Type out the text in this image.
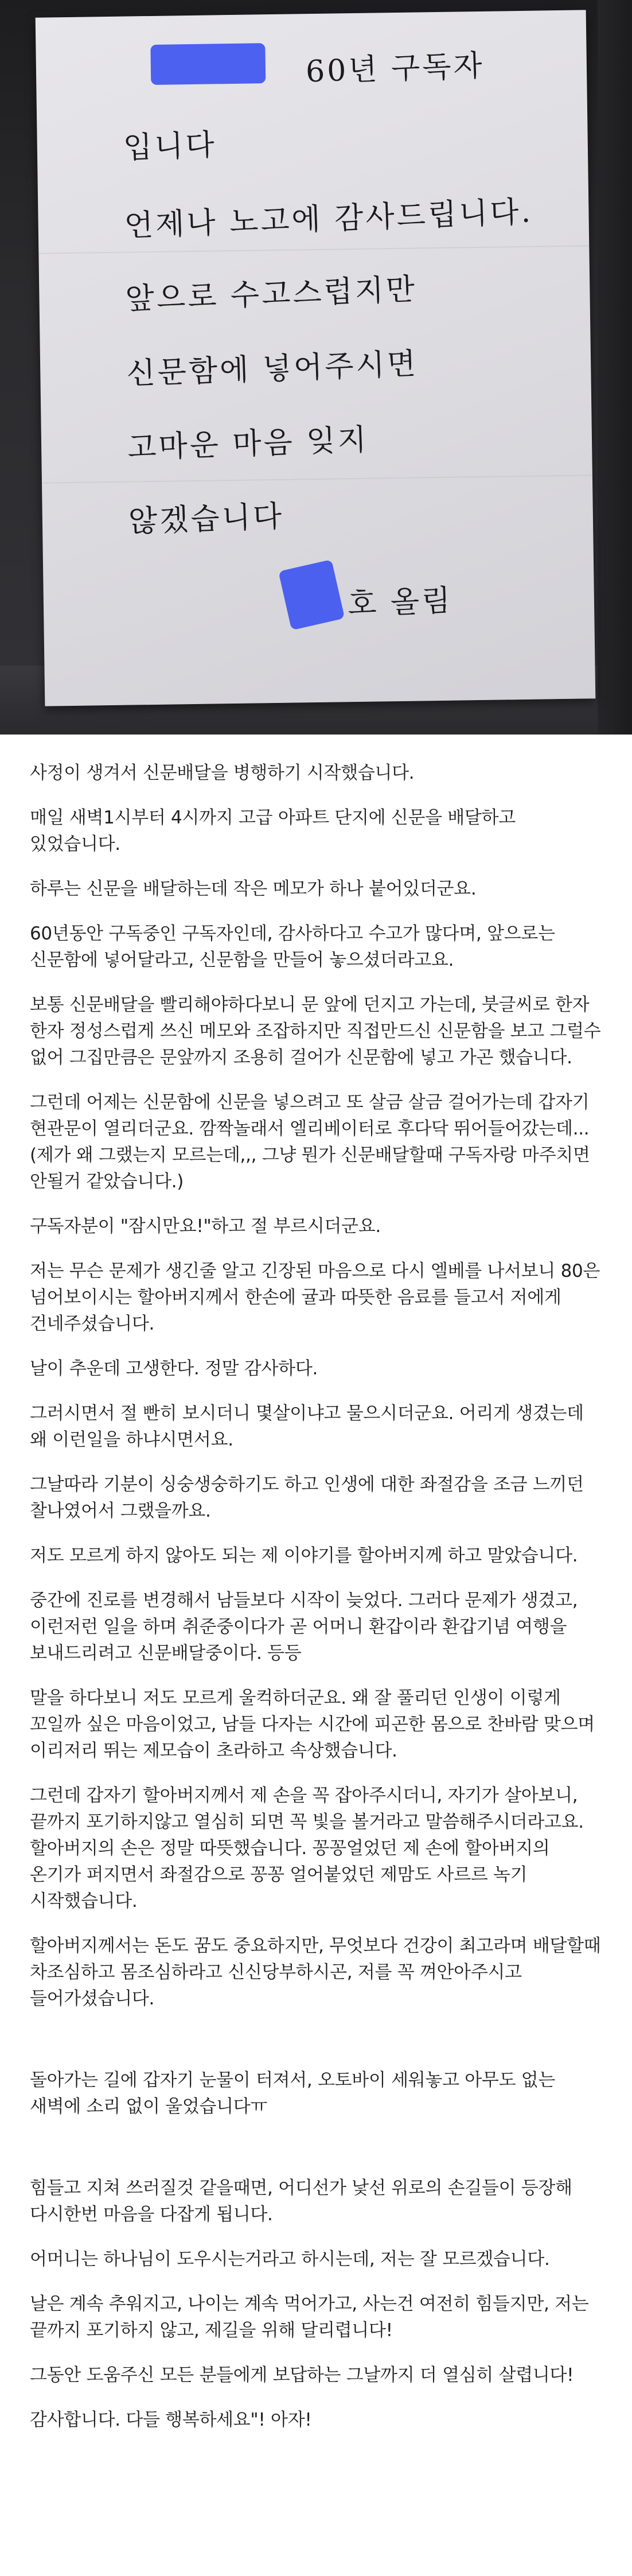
60년 구독자
입니다
언제나 노고에 감사드립니다.
앞으로 수고스럽지만
신문함에 넣어주시면
고마운 마음 잊지
않겠습니다
호 올림

사정이 생겨서 신문배달을 병행하기 시작했습니다.

매일 새벽1시부터 4시까지 고급 아파트 단지에 신문을 배달하고 있었습니다.

하루는 신문을 배달하는데 작은 메모가 하나 붙어있더군요.

60년동안 구독중인 구독자인데, 감사하다고 수고가 많다며, 앞으로는 신문함에 넣어달라고, 신문함을 만들어 놓으셨더라고요.

보통 신문배달을 빨리해야하다보니 문 앞에 던지고 가는데, 붓글씨로 한자 한자 정성스럽게 쓰신 메모와 조잡하지만 직접만드신 신문함을 보고 그럴수 없어 그집만큼은 문앞까지 조용히 걸어가 신문함에 넣고 가곤 했습니다.

그런데 어제는 신문함에 신문을 넣으려고 또 살금 살금 걸어가는데 갑자기 현관문이 열리더군요. 깜짝놀래서 엘리베이터로 후다닥 뛰어들어갔는데...(제가 왜 그랬는지 모르는데,,, 그냥 뭔가 신문배달할때 구독자랑 마주치면 안될거 같았습니다.)

구독자분이 "잠시만요!"하고 절 부르시더군요.

저는 무슨 문제가 생긴줄 알고 긴장된 마음으로 다시 엘베를 나서보니 80은 넘어보이시는 할아버지께서 한손에 귤과 따뜻한 음료를 들고서 저에게 건네주셨습니다.

날이 추운데 고생한다. 정말 감사하다.

그러시면서 절 빤히 보시더니 몇살이냐고 물으시더군요. 어리게 생겼는데 왜 이런일을 하냐시면서요.

그날따라 기분이 싱숭생숭하기도 하고 인생에 대한 좌절감을 조금 느끼던 찰나였어서 그랬을까요.

저도 모르게 하지 않아도 되는 제 이야기를 할아버지께 하고 말았습니다.

중간에 진로를 변경해서 남들보다 시작이 늦었다. 그러다 문제가 생겼고, 이런저런 일을 하며 취준중이다가 곧 어머니 환갑이라 환갑기념 여행을 보내드리려고 신문배달중이다. 등등

말을 하다보니 저도 모르게 울컥하더군요. 왜 잘 풀리던 인생이 이렇게 꼬일까 싶은 마음이었고, 남들 다자는 시간에 피곤한 몸으로 찬바람 맞으며 이리저리 뛰는 제모습이 초라하고 속상했습니다.

그런데 갑자기 할아버지께서 제 손을 꼭 잡아주시더니, 자기가 살아보니, 끝까지 포기하지않고 열심히 되면 꼭 빛을 볼거라고 말씀해주시더라고요. 할아버지의 손은 정말 따뜻했습니다. 꽁꽁얼었던 제 손에 할아버지의 온기가 퍼지면서 좌절감으로 꽁꽁 얼어붙었던 제맘도 사르르 녹기 시작했습니다.

할아버지께서는 돈도 꿈도 중요하지만, 무엇보다 건강이 최고라며 배달할때 차조심하고 몸조심하라고 신신당부하시곤, 저를 꼭 껴안아주시고 들어가셨습니다.

돌아가는 길에 갑자기 눈물이 터져서, 오토바이 세워놓고 아무도 없는 새벽에 소리 없이 울었습니다ㅠ

힘들고 지쳐 쓰러질것 같을때면, 어디선가 낯선 위로의 손길들이 등장해 다시한번 마음을 다잡게 됩니다.

어머니는 하나님이 도우시는거라고 하시는데, 저는 잘 모르겠습니다.

날은 계속 추워지고, 나이는 계속 먹어가고, 사는건 여전히 힘들지만, 저는 끝까지 포기하지 않고, 제길을 위해 달리렵니다!

그동안 도움주신 모든 분들에게 보답하는 그날까지 더 열심히 살렵니다!

감사합니다. 다들 행복하세요"! 아자!
